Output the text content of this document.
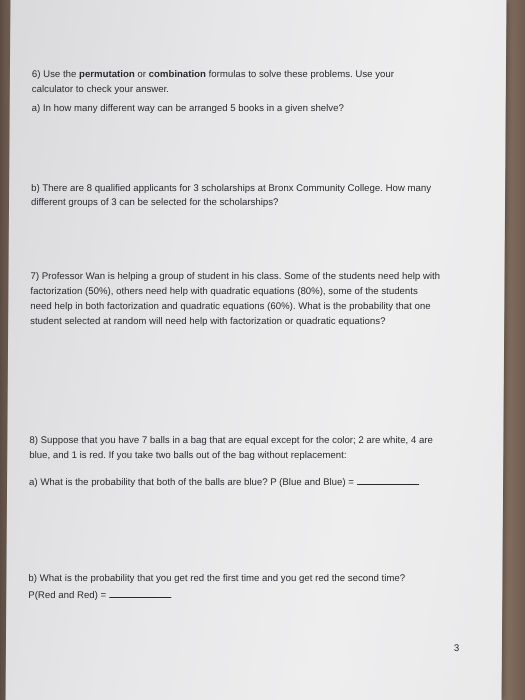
6) Use the permutation or combination formulas to solve these problems. Use your

calculator to check your answer.

a) In how many different way can be arranged 5 books in a given shelve?

b) There are 8 qualified applicants for 3 scholarships at Bronx Community College. How many

different groups of 3 can be selected for the scholarships?

7) Professor Wan is helping a group of student in his class. Some of the students need help with

factorization (50%), others need help with quadratic equations (80%), some of the students

need help in both factorization and quadratic equations (60%). What is the probability that one

student selected at random will need help with factorization or quadratic equations?

8) Suppose that you have 7 balls in a bag that are equal except for the color; 2 are white, 4 are

blue, and 1 is red. If you take two balls out of the bag without replacement:

a) What is the probability that both of the balls are blue? P (Blue and Blue) =

b) What is the probability that you get red the first time and you get red the second time?

P(Red and Red) =

3
